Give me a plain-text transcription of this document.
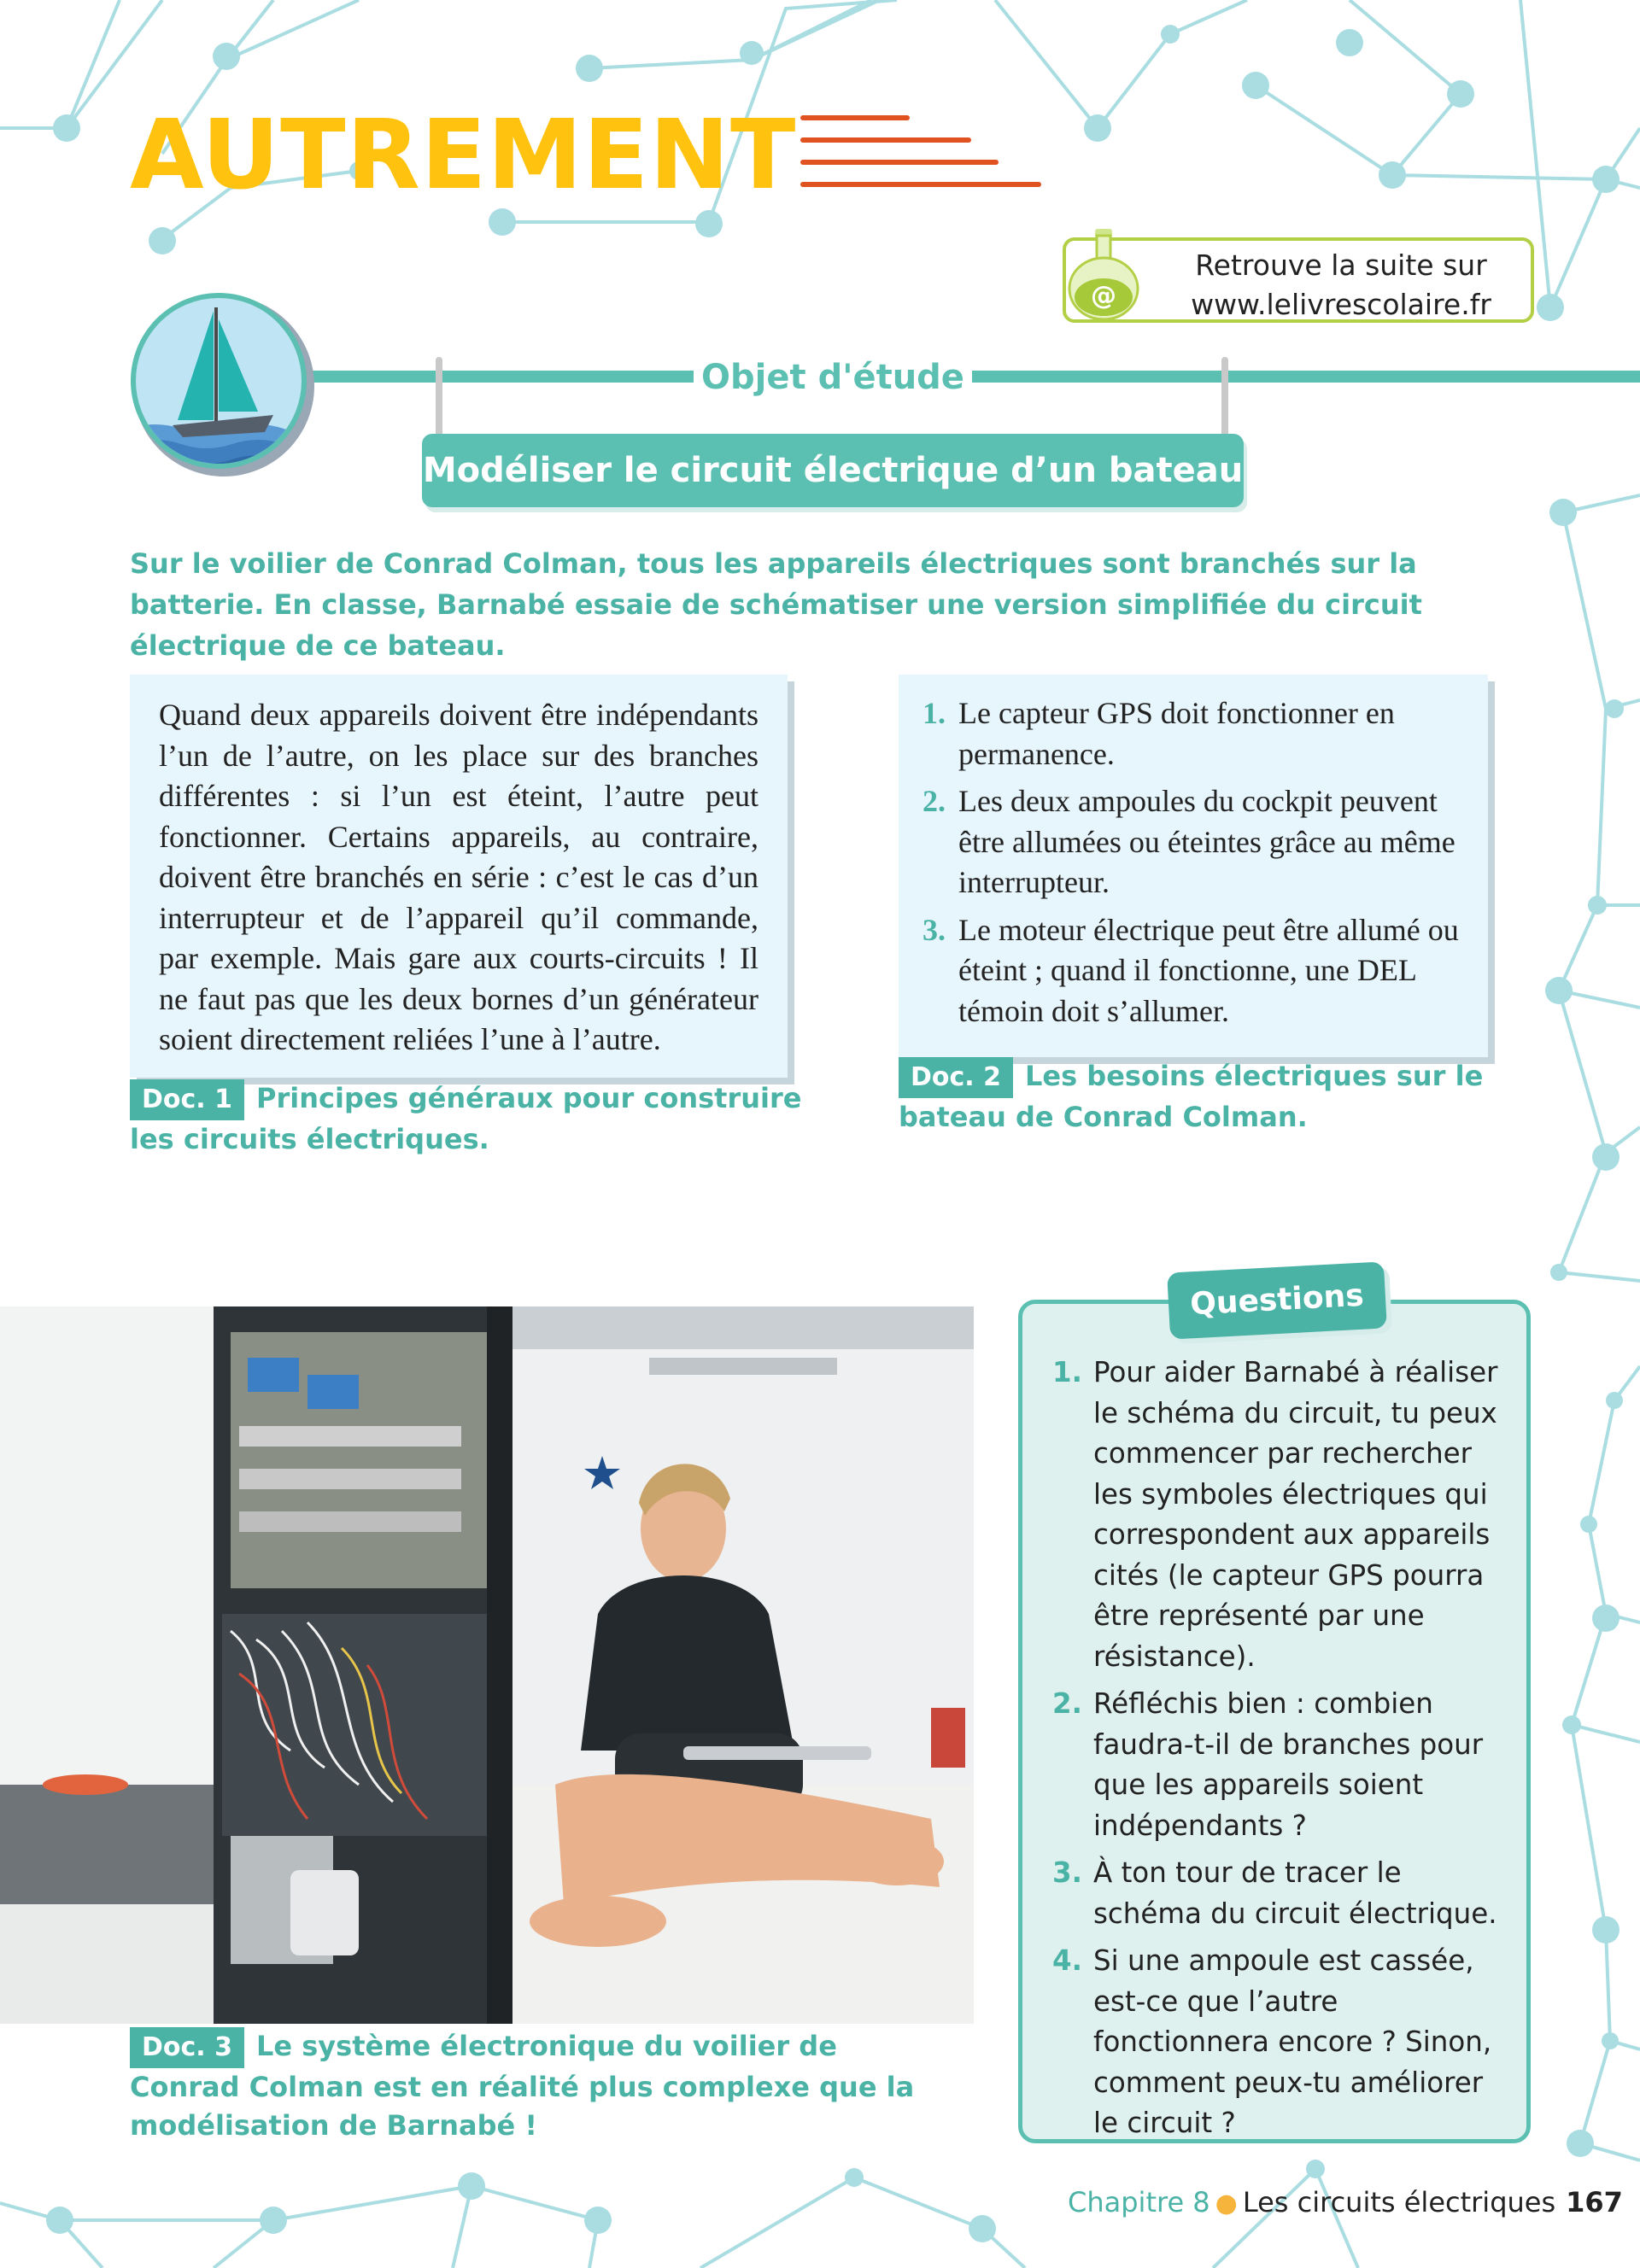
AUTREMENT
@
Retrouve la suite sur
www.lelivrescolaire.fr
Objet d'étude
Modéliser le circuit électrique d’un bateau
Sur le voilier de Conrad Colman, tous les appareils électriques sont branchés sur la batterie. En classe, Barnabé essaie de schématiser une version simplifiée du circuit électrique de ce bateau.

Quand deux appareils doivent être indépendants l’un de l’autre, on les place sur des branches différentes : si l’un est éteint, l’autre peut fonctionner. Certains appareils, au contraire, doivent être branchés en série : c’est le cas d’un interrupteur et de l’appareil qu’il commande, par exemple. Mais gare aux courts-circuits ! Il ne faut pas que les deux bornes d’un générateur soient directement reliées l’une à l’autre.

Doc. 1 Principes généraux pour construire les circuits électriques.
1. Le capteur GPS doit fonctionner en permanence.
2. Les deux ampoules du cockpit peuvent être allumées ou éteintes grâce au même interrupteur.
3. Le moteur électrique peut être allumé ou éteint ; quand il fonctionne, une DEL témoin doit s’allumer.
Doc. 2 Les besoins électriques sur le bateau de Conrad Colman.
Doc. 3 Le système électronique du voilier de Conrad Colman est en réalité plus complexe que la modélisation de Barnabé !
Questions
1. Pour aider Barnabé à réaliser le schéma du circuit, tu peux commencer par rechercher les symboles électriques qui correspondent aux appareils cités (le capteur GPS pourra être représenté par une résistance).
2. Réfléchis bien : combien faudra-t-il de branches pour que les appareils soient indépendants ?
3. À ton tour de tracer le schéma du circuit électrique.
4. Si une ampoule est cassée, est-ce que l’autre fonctionnera encore ? Sinon, comment peux-tu améliorer le circuit ?
Chapitre 8 ● Les circuits électriques 167
